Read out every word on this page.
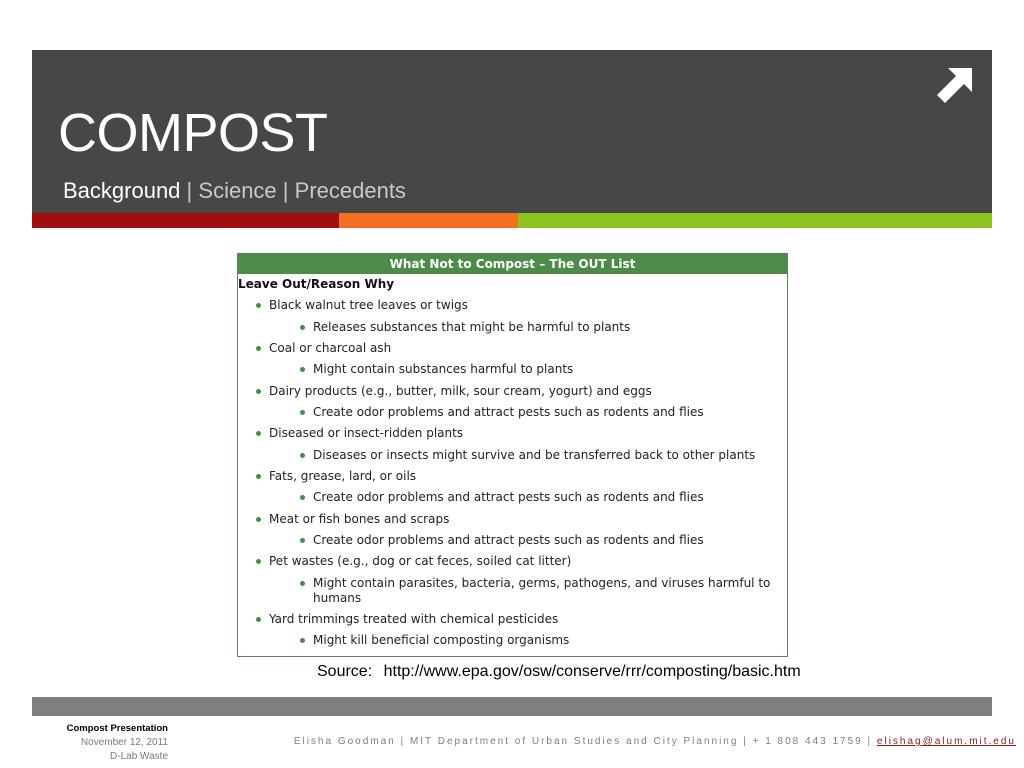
COMPOST
Background | Science | Precedents
What Not to Compost – The OUT List
Leave Out/Reason Why
Black walnut tree leaves or twigs
Releases substances that might be harmful to plants
Coal or charcoal ash
Might contain substances harmful to plants
Dairy products (e.g., butter, milk, sour cream, yogurt) and eggs
Create odor problems and attract pests such as rodents and flies
Diseased or insect-ridden plants
Diseases or insects might survive and be transferred back to other plants
Fats, grease, lard, or oils
Create odor problems and attract pests such as rodents and flies
Meat or fish bones and scraps
Create odor problems and attract pests such as rodents and flies
Pet wastes (e.g., dog or cat feces, soiled cat litter)
Might contain parasites, bacteria, germs, pathogens, and viruses harmful to humans
Yard trimmings treated with chemical pesticides
Might kill beneficial composting organisms
Source: http://www.epa.gov/osw/conserve/rrr/composting/basic.htm
Compost Presentation
November 12, 2011
D-Lab Waste
Elisha Goodman | MIT Department of Urban Studies and City Planning | + 1 808 443 1759 | elishag@alum.mit.edu
